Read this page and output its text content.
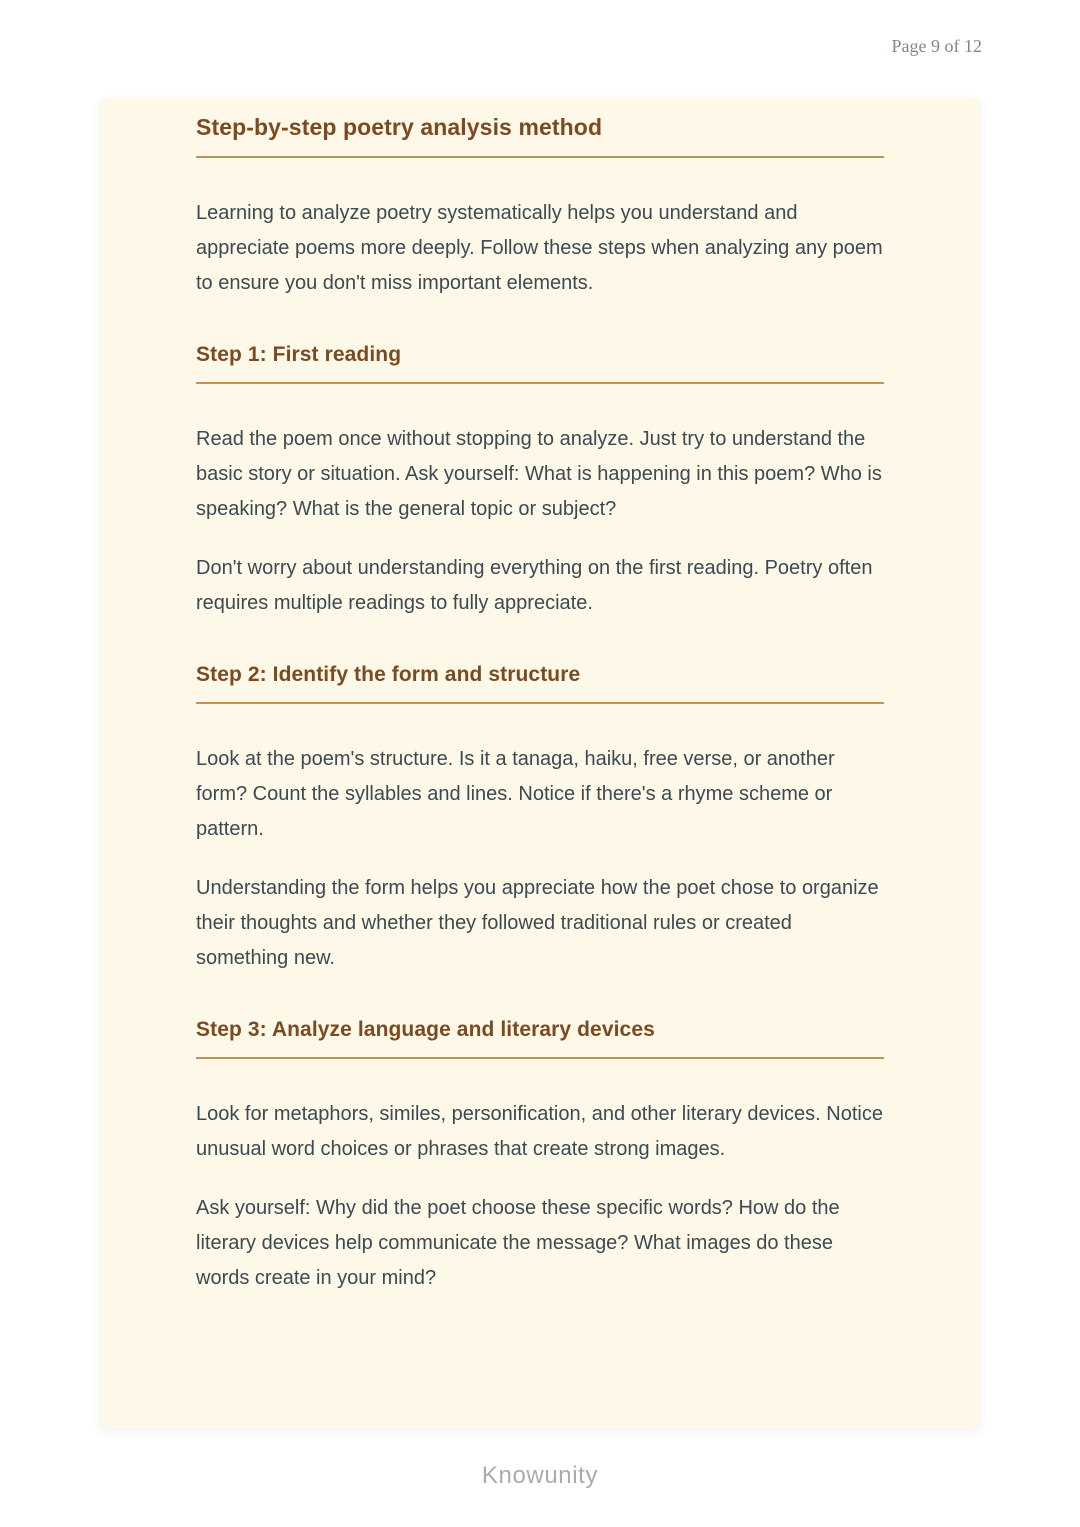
Page 9 of 12
Step-by-step poetry analysis method

Learning to analyze poetry systematically helps you understand and appreciate poems more deeply. Follow these steps when analyzing any poem to ensure you don't miss important elements.

Step 1: First reading

Read the poem once without stopping to analyze. Just try to understand the basic story or situation. Ask yourself: What is happening in this poem? Who is speaking? What is the general topic or subject?

Don't worry about understanding everything on the first reading. Poetry often requires multiple readings to fully appreciate.

Step 2: Identify the form and structure

Look at the poem's structure. Is it a tanaga, haiku, free verse, or another form? Count the syllables and lines. Notice if there's a rhyme scheme or pattern.

Understanding the form helps you appreciate how the poet chose to organize their thoughts and whether they followed traditional rules or created something new.

Step 3: Analyze language and literary devices

Look for metaphors, similes, personification, and other literary devices. Notice unusual word choices or phrases that create strong images.

Ask yourself: Why did the poet choose these specific words? How do the literary devices help communicate the message? What images do these words create in your mind?

Knowunity
